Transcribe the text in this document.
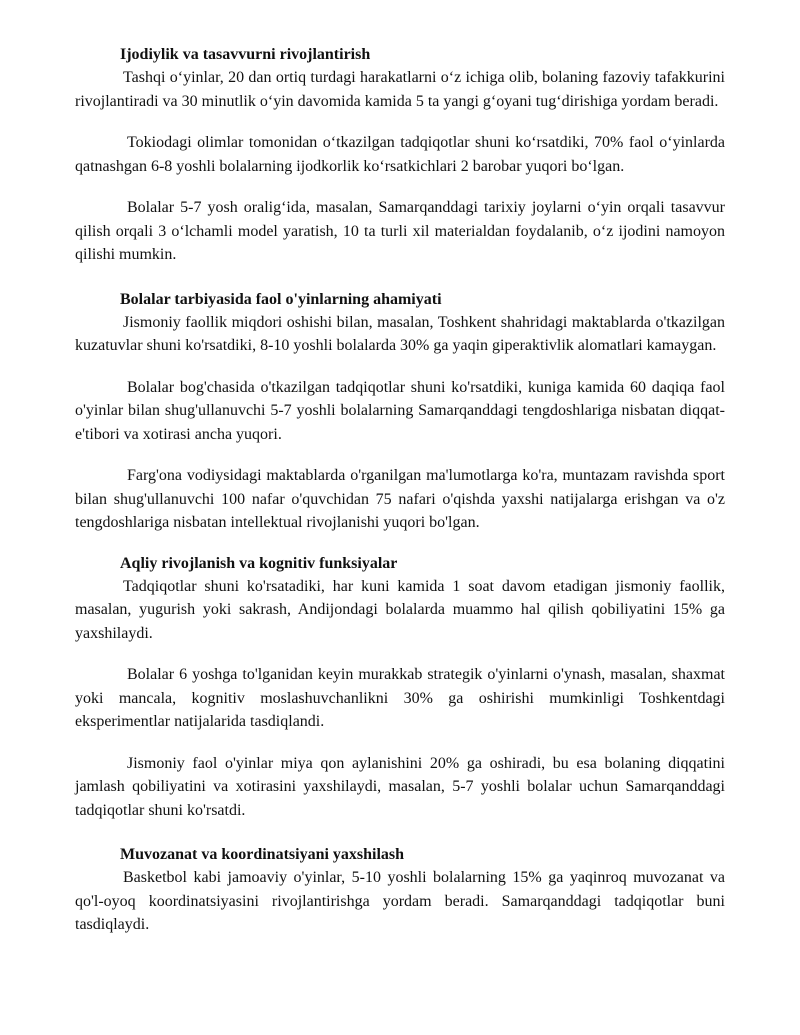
Ijodiylik va tasavvurni rivojlantirish

Tashqi o‘yinlar, 20 dan ortiq turdagi harakatlarni o‘z ichiga olib, bolaning fazoviy tafakkurini rivojlantiradi va 30 minutlik o‘yin davomida kamida 5 ta yangi g‘oyani tug‘dirishiga yordam beradi.

Tokiodagi olimlar tomonidan o‘tkazilgan tadqiqotlar shuni ko‘rsatdiki, 70% faol o‘yinlarda qatnashgan 6-8 yoshli bolalarning ijodkorlik ko‘rsatkichlari 2 barobar yuqori bo‘lgan.

Bolalar 5-7 yosh oralig‘ida, masalan, Samarqanddagi tarixiy joylarni o‘yin orqali tasavvur qilish orqali 3 o‘lchamli model yaratish, 10 ta turli xil materialdan foydalanib, o‘z ijodini namoyon qilishi mumkin.

Bolalar tarbiyasida faol o'yinlarning ahamiyati

Jismoniy faollik miqdori oshishi bilan, masalan, Toshkent shahridagi maktablarda o'tkazilgan kuzatuvlar shuni ko'rsatdiki, 8-10 yoshli bolalarda 30% ga yaqin giperaktivlik alomatlari kamaygan.

Bolalar bog'chasida o'tkazilgan tadqiqotlar shuni ko'rsatdiki, kuniga kamida 60 daqiqa faol o'yinlar bilan shug'ullanuvchi 5-7 yoshli bolalarning Samarqanddagi tengdoshlariga nisbatan diqqat-e'tibori va xotirasi ancha yuqori.

Farg'ona vodiysidagi maktablarda o'rganilgan ma'lumotlarga ko'ra, muntazam ravishda sport bilan shug'ullanuvchi 100 nafar o'quvchidan 75 nafari o'qishda yaxshi natijalarga erishgan va o'z tengdoshlariga nisbatan intellektual rivojlanishi yuqori bo'lgan.

Aqliy rivojlanish va kognitiv funksiyalar

Tadqiqotlar shuni ko'rsatadiki, har kuni kamida 1 soat davom etadigan jismoniy faollik, masalan, yugurish yoki sakrash, Andijondagi bolalarda muammo hal qilish qobiliyatini 15% ga yaxshilaydi.

Bolalar 6 yoshga to'lganidan keyin murakkab strategik o'yinlarni o'ynash, masalan, shaxmat yoki mancala, kognitiv moslashuvchanlikni 30% ga oshirishi mumkinligi Toshkentdagi eksperimentlar natijalarida tasdiqlandi.

Jismoniy faol o'yinlar miya qon aylanishini 20% ga oshiradi, bu esa bolaning diqqatini jamlash qobiliyatini va xotirasini yaxshilaydi, masalan, 5-7 yoshli bolalar uchun Samarqanddagi tadqiqotlar shuni ko'rsatdi.

Muvozanat va koordinatsiyani yaxshilash

Basketbol kabi jamoaviy o'yinlar, 5-10 yoshli bolalarning 15% ga yaqinroq muvozanat va qo'l-oyoq koordinatsiyasini rivojlantirishga yordam beradi. Samarqanddagi tadqiqotlar buni tasdiqlaydi.
